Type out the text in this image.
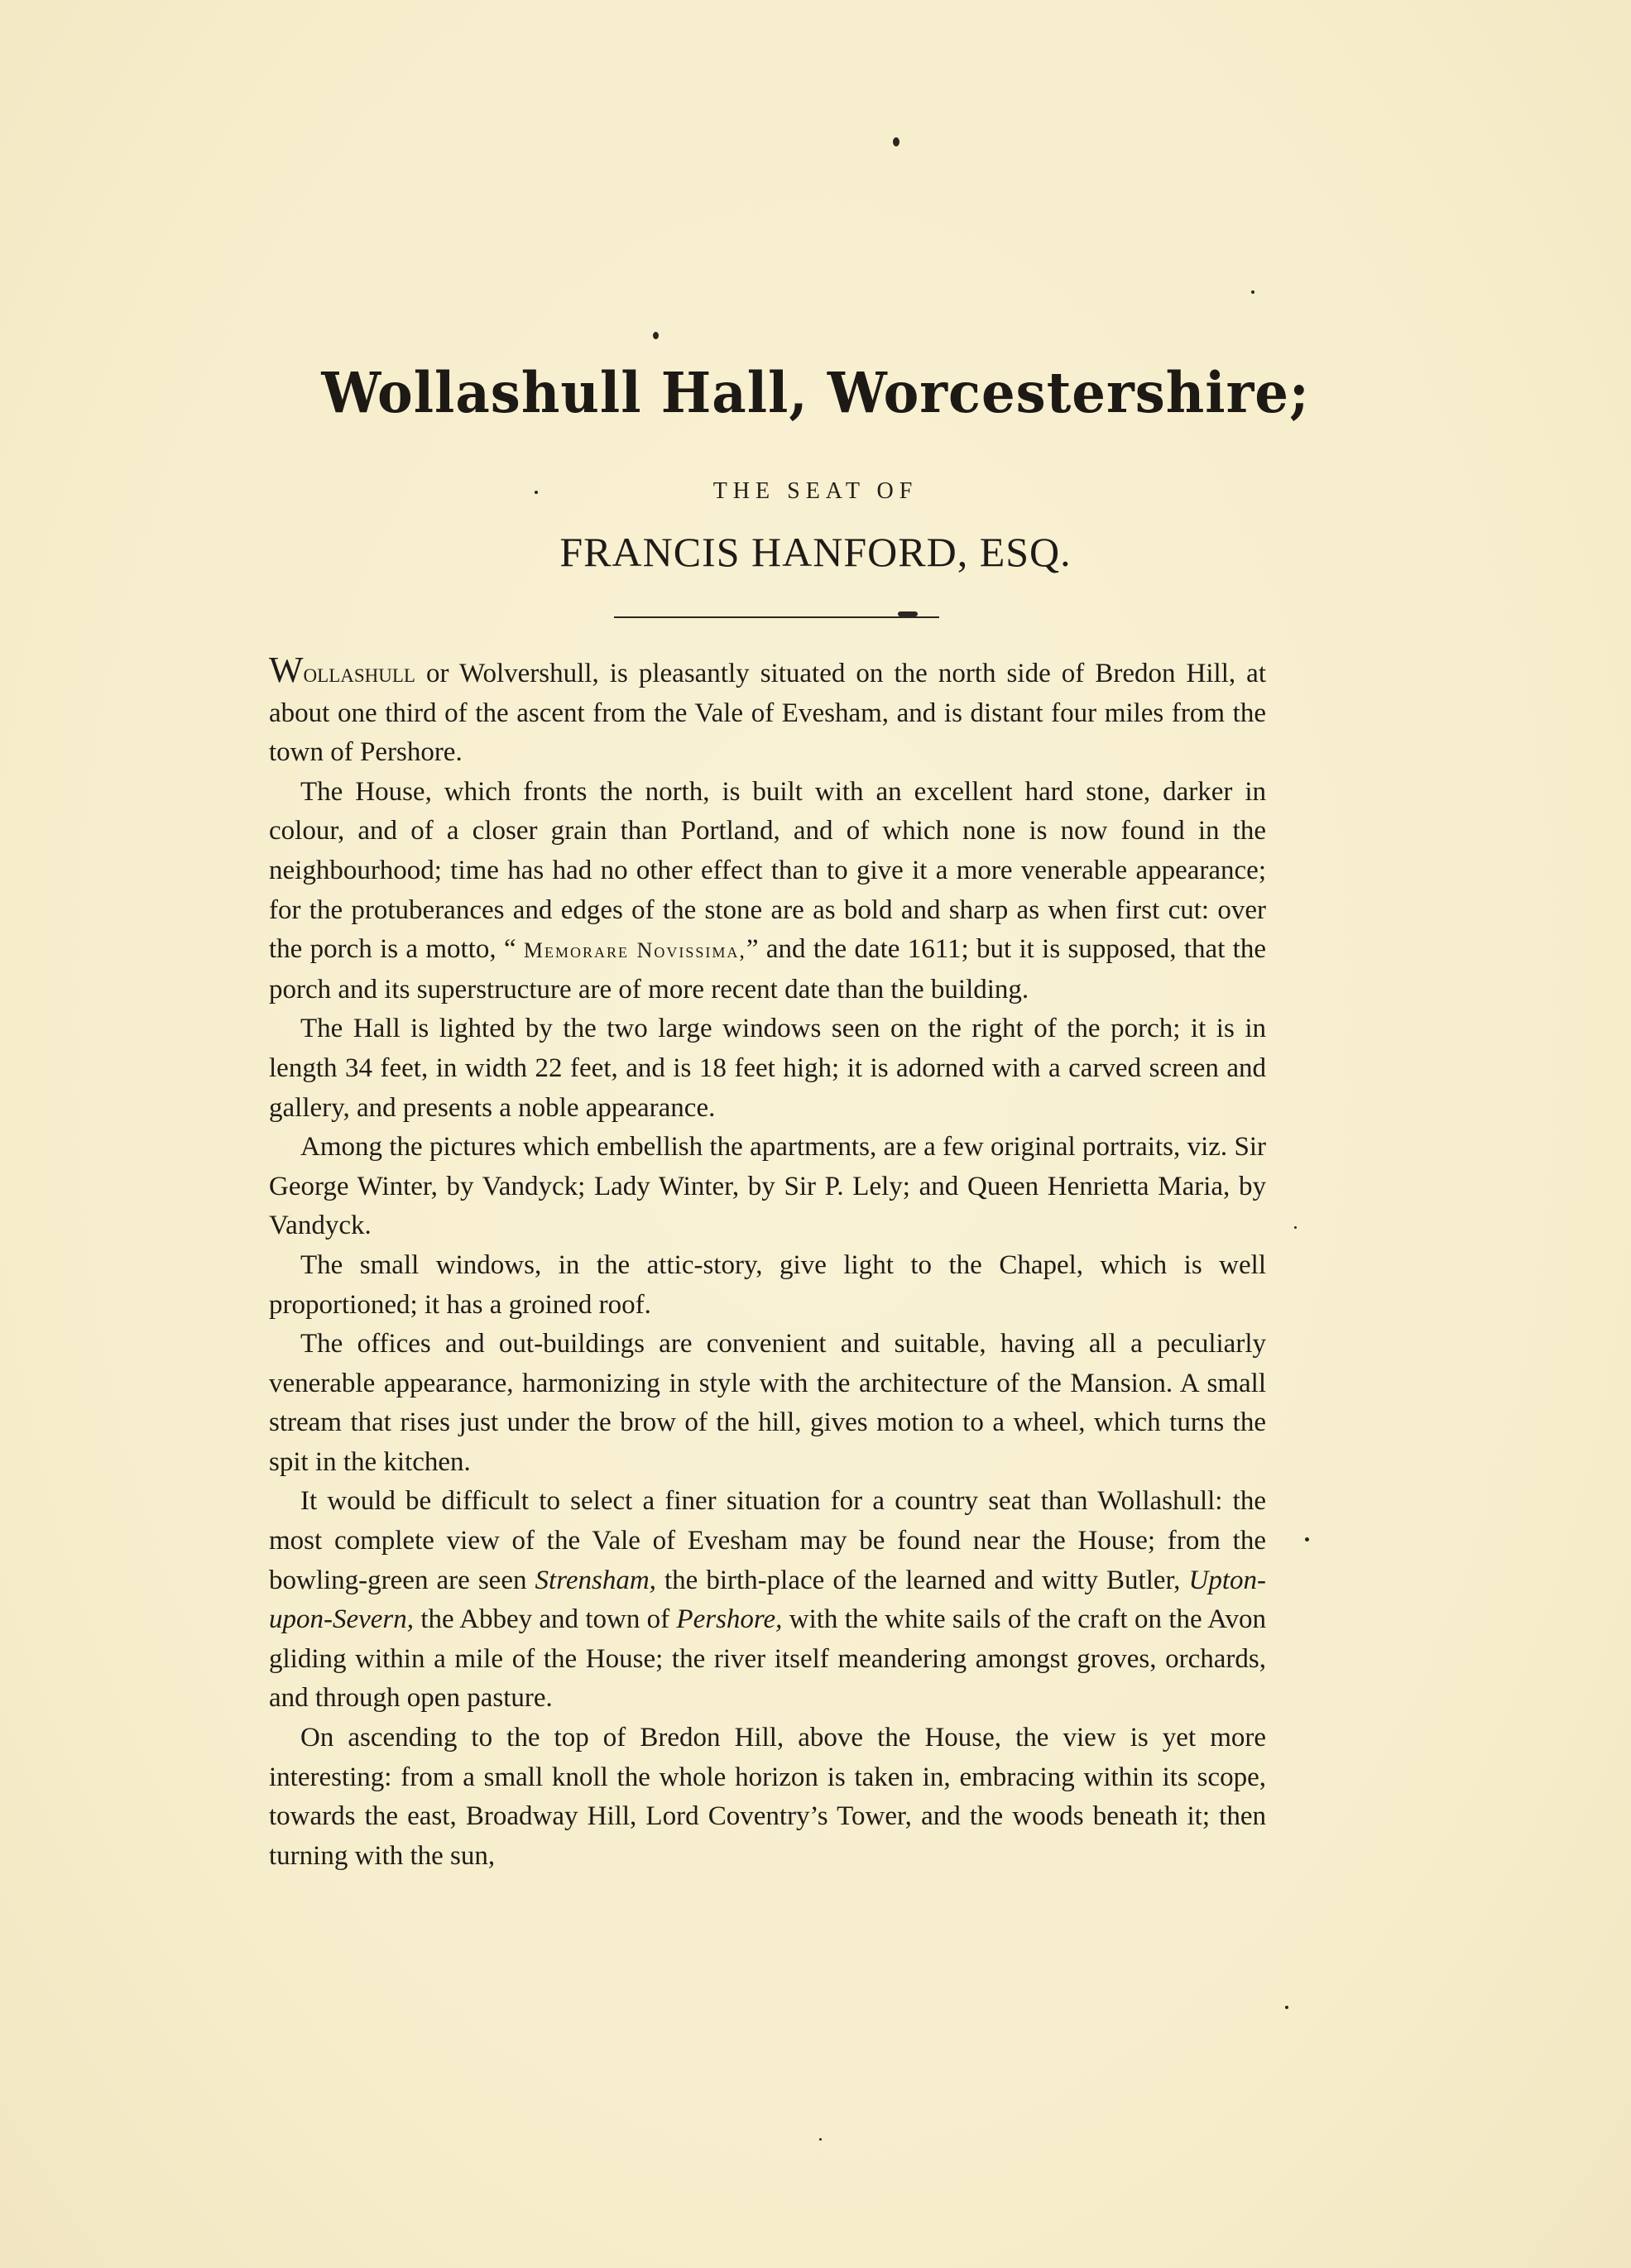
Wollashull Hall, Worcestershire;
THE SEAT OF
FRANCIS HANFORD, ESQ.

Wollashull or Wolvershull, is pleasantly situated on the north side of Bredon Hill, at about one third of the ascent from the Vale of Evesham, and is distant four miles from the town of Pershore.

The House, which fronts the north, is built with an excellent hard stone, darker in colour, and of a closer grain than Portland, and of which none is now found in the neighbourhood; time has had no other effect than to give it a more venerable appearance; for the protuberances and edges of the stone are as bold and sharp as when first cut: over the porch is a motto, “ Memorare Novissima,” and the date 1611; but it is supposed, that the porch and its superstructure are of more recent date than the building.

The Hall is lighted by the two large windows seen on the right of the porch; it is in length 34 feet, in width 22 feet, and is 18 feet high; it is adorned with a carved screen and gallery, and presents a noble appearance.

Among the pictures which embellish the apartments, are a few original portraits, viz. Sir George Winter, by Vandyck; Lady Winter, by Sir P. Lely; and Queen Henrietta Maria, by Vandyck.

The small windows, in the attic-story, give light to the Chapel, which is well proportioned; it has a groined roof.

The offices and out-buildings are convenient and suitable, having all a peculiarly venerable appearance, harmonizing in style with the architecture of the Mansion. A small stream that rises just under the brow of the hill, gives motion to a wheel, which turns the spit in the kitchen.

It would be difficult to select a finer situation for a country seat than Wollashull: the most complete view of the Vale of Evesham may be found near the House; from the bowling-green are seen Strensham, the birth-place of the learned and witty Butler, Upton-upon-Severn, the Abbey and town of Pershore, with the white sails of the craft on the Avon gliding within a mile of the House; the river itself meandering amongst groves, orchards, and through open pasture.

On ascending to the top of Bredon Hill, above the House, the view is yet more interesting: from a small knoll the whole horizon is taken in, embracing within its scope, towards the east, Broadway Hill, Lord Coventry’s Tower, and the woods beneath it; then turning with the sun,
